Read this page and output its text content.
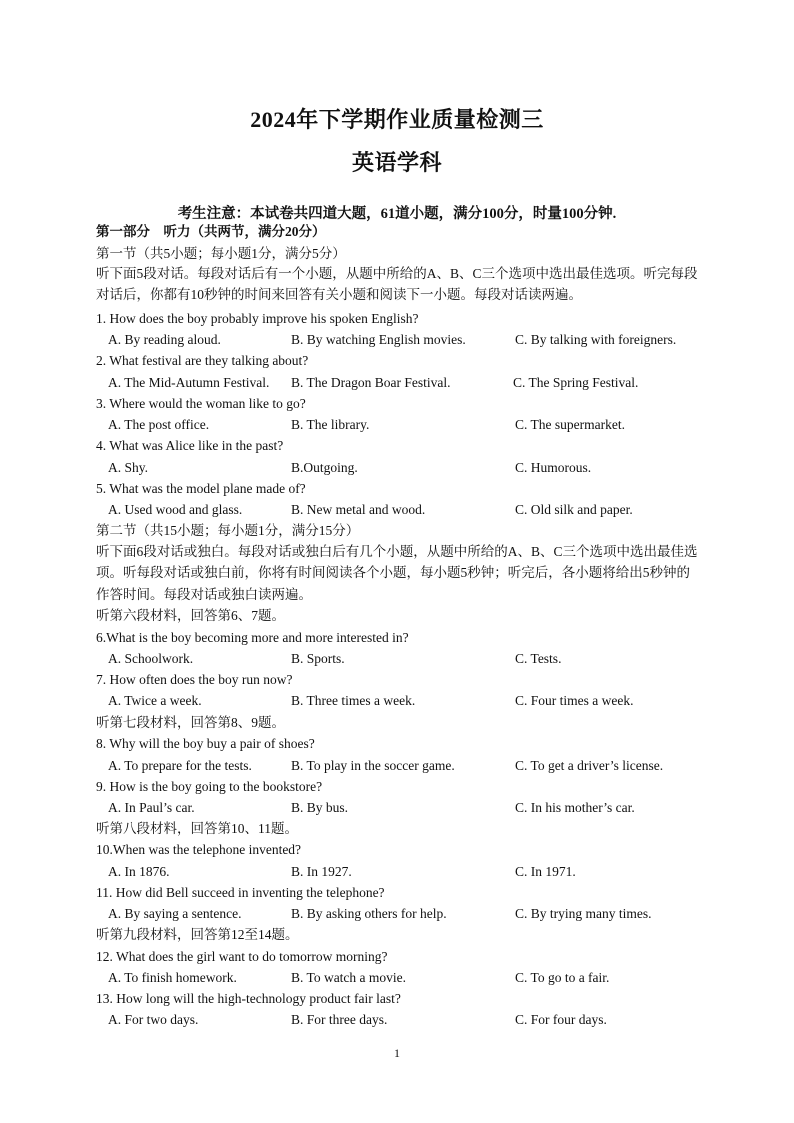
2024年下学期作业质量检测三
英语学科
考生注意：本试卷共四道大题，61道小题，满分100分，时量100分钟.
第一部分　听力（共两节，满分20分）
第一节（共5小题；每小题1分，满分5分）
听下面5段对话。每段对话后有一个小题，从题中所给的A、B、C三个选项中选出最佳选项。听完每段对话后，你都有10秒钟的时间来回答有关小题和阅读下一小题。每段对话读两遍。
1. How does the boy probably improve his spoken English?
A. By reading aloud.	B. By watching English movies.	C. By talking with foreigners.
2. What festival are they talking about?
A. The Mid-Autumn Festival. B. The Dragon Boar Festival.	C. The Spring Festival.
3. Where would the woman like to go?
A. The post office.	B. The library.	C. The supermarket.
4. What was Alice like in the past?
A. Shy.	B.Outgoing.	C. Humorous.
5. What was the model plane made of?
A. Used wood and glass.	B. New metal and wood.	C. Old silk and paper.
第二节（共15小题；每小题1分，满分15分）
听下面6段对话或独白。每段对话或独白后有几个小题，从题中所给的A、B、C三个选项中选出最佳选项。听每段对话或独白前，你将有时间阅读各个小题，每小题5秒钟；听完后，各小题将给出5秒钟的作答时间。每段对话或独白读两遍。
听第六段材料，回答第6、7题。
6.What is the boy becoming more and more interested in?
A. Schoolwork.	B. Sports.	C. Tests.
7. How often does the boy run now?
A. Twice a week.	B. Three times a week.	C. Four times a week.
听第七段材料，回答第8、9题。
8. Why will the boy buy a pair of shoes?
A. To prepare for the tests.	B. To play in the soccer game.	C. To get a driver’s license.
9. How is the boy going to the bookstore?
A. In Paul’s car.	B. By bus.	C. In his mother’s car.
听第八段材料，回答第10、11题。
10.When was the telephone invented?
A. In 1876.	B. In 1927.	C. In 1971.
11. How did Bell succeed in inventing the telephone?
A. By saying a sentence.	B. By asking others for help.	C. By trying many times.
听第九段材料，回答第12至14题。
12. What does the girl want to do tomorrow morning?
A. To finish homework.	B. To watch a movie.	C. To go to a fair.
13. How long will the high-technology product fair last?
A. For two days.	B. For three days.	C. For four days.
1
